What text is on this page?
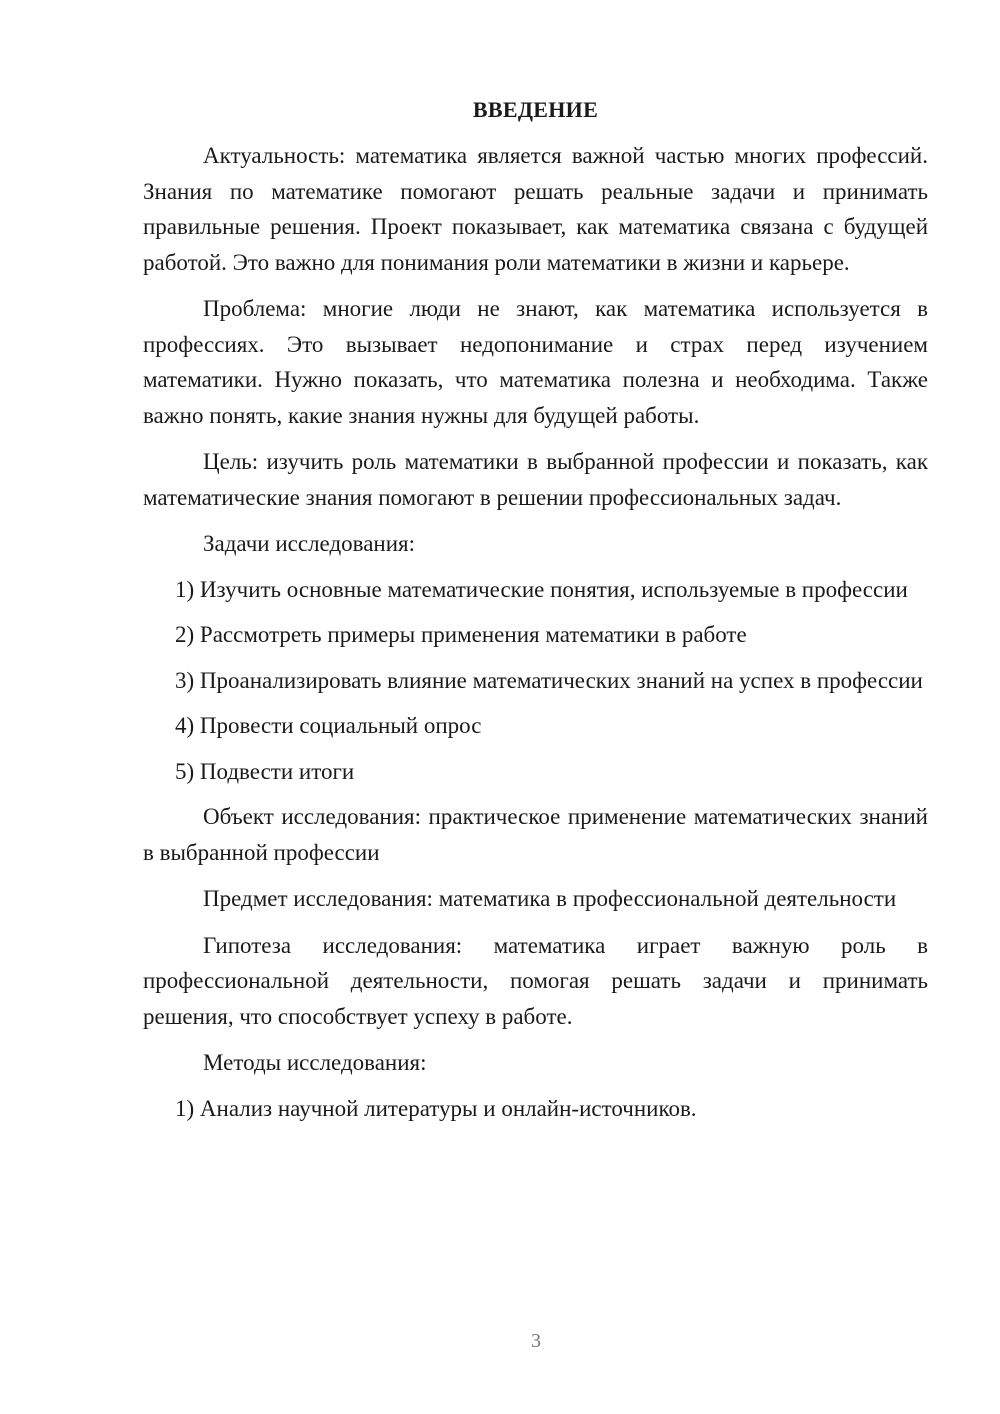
ВВЕДЕНИЕ

Актуальность: математика является важной частью многих профессий. Знания по математике помогают решать реальные задачи и принимать правильные решения. Проект показывает, как математика связана с будущей работой. Это важно для понимания роли математики в жизни и карьере.

Проблема: многие люди не знают, как математика используется в профессиях. Это вызывает недопонимание и страх перед изучением математики. Нужно показать, что математика полезна и необходима. Также важно понять, какие знания нужны для будущей работы.

Цель: изучить роль математики в выбранной профессии и показать, как математические знания помогают в решении профессиональных задач.

Задачи исследования:

1) Изучить основные математические понятия, используемые в профессии

2) Рассмотреть примеры применения математики в работе

3) Проанализировать влияние математических знаний на успех в профессии

4) Провести социальный опрос

5) Подвести итоги

Объект исследования: практическое применение математических знаний в выбранной профессии

Предмет исследования: математика в профессиональной деятельности

Гипотеза исследования: математика играет важную роль в профессиональной деятельности, помогая решать задачи и принимать решения, что способствует успеху в работе.

Методы исследования:

1) Анализ научной литературы и онлайн-источников.

3
